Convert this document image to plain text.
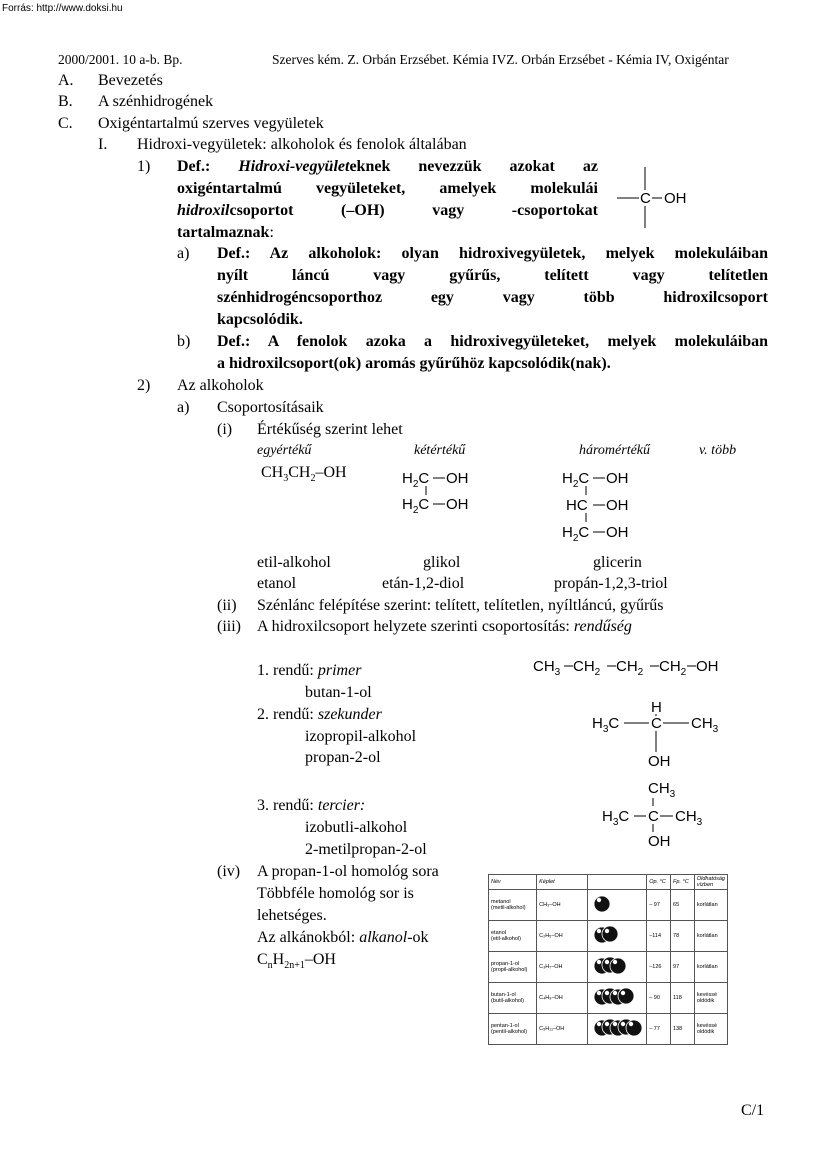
Forrás: http://www.doksi.hu
2000/2001. 10 a-b. Bp.	Szerves kém. Z. Orbán Erzsébet. Kémia IVZ. Orbán Erzsébet - Kémia IV, Oxigéntar
A. Bevezetés
B. A szénhidrogének
C. Oxigéntartalmú szerves vegyületek
I. Hidroxi-vegyületek: alkoholok és fenolok általában
1) Def.: Hidroxi-vegyületeknek nevezzük azokat az
oxigéntartalmú vegyületeket, amelyek molekulái
hidroxilcsoportot (–OH) vagy -csoportokat
tartalmaznak:
C OH
a) Def.: Az alkoholok: olyan hidroxivegyületek, melyek molekuláiban
nyílt láncú vagy gyűrűs, telített vagy telítetlen
szénhidrogéncsoporthoz egy vagy több hidroxilcsoport
kapcsolódik.
b) Def.: A fenolok azoka a hidroxivegyületeket, melyek molekuláiban
a hidroxilcsoport(ok) aromás gyűrűhöz kapcsolódik(nak).
2) Az alkoholok
a) Csoportosításaik
(i) Értékűség szerint lehet
egyértékű	kétértékű	háromértékű	v. több
$CH_3CH_2-OH$	$H_2C$ OH
$H_2C$ OH
$H_2C$ OH
HC OH
$H_2C$ OH
etil-alkohol	glikol	glicerin
etanol	etán-1,2-diol	propán-1,2,3-triol
(ii) Szénlánc felépítése szerint: telített, telítetlen, nyíltláncú, gyűrűs
(iii) A hidroxilcsoport helyzete szerinti csoportosítás: rendűség
1. rendű: primer
butan-1-ol
2. rendű: szekunder
izopropil-alkohol
propan-2-ol
3. rendű: tercier:
izobutli-alkohol
2-metilpropan-2-ol
$CH_3$ $CH_2$ $CH_2$ $CH_2$ OH
H
$H_3C$ C $CH_3$
OH
$CH_3$
$H_3C$ C $CH_3$
OH
(iv) A propan-1-ol homológ sora
Többféle homológ sor is
lehetséges.
Az alkánokból: alkanol-ok
$C_nH_{2n+1}-OH$
Név	Képlet		Op. °C	Fp. °C	Oldhatóság vízben

metanol
(metil-alkohol)	CH₃–OH		– 97	65	korlátlan

etanol
(etil-alkohol)	C₂H₅–OH		–114	78	korlátlan

propan-1-ol
(propil-alkohol)	C₃H₇–OH		–126	97	korlátlan

butan-1-ol
(butil-alkohol)	C₄H₉–OH		– 90	118	kevéssé oldódik

pentan-1-ol
(pentil-alkohol)	C₅H₁₁–OH		– 77	138	kevéssé oldódik
C/1
